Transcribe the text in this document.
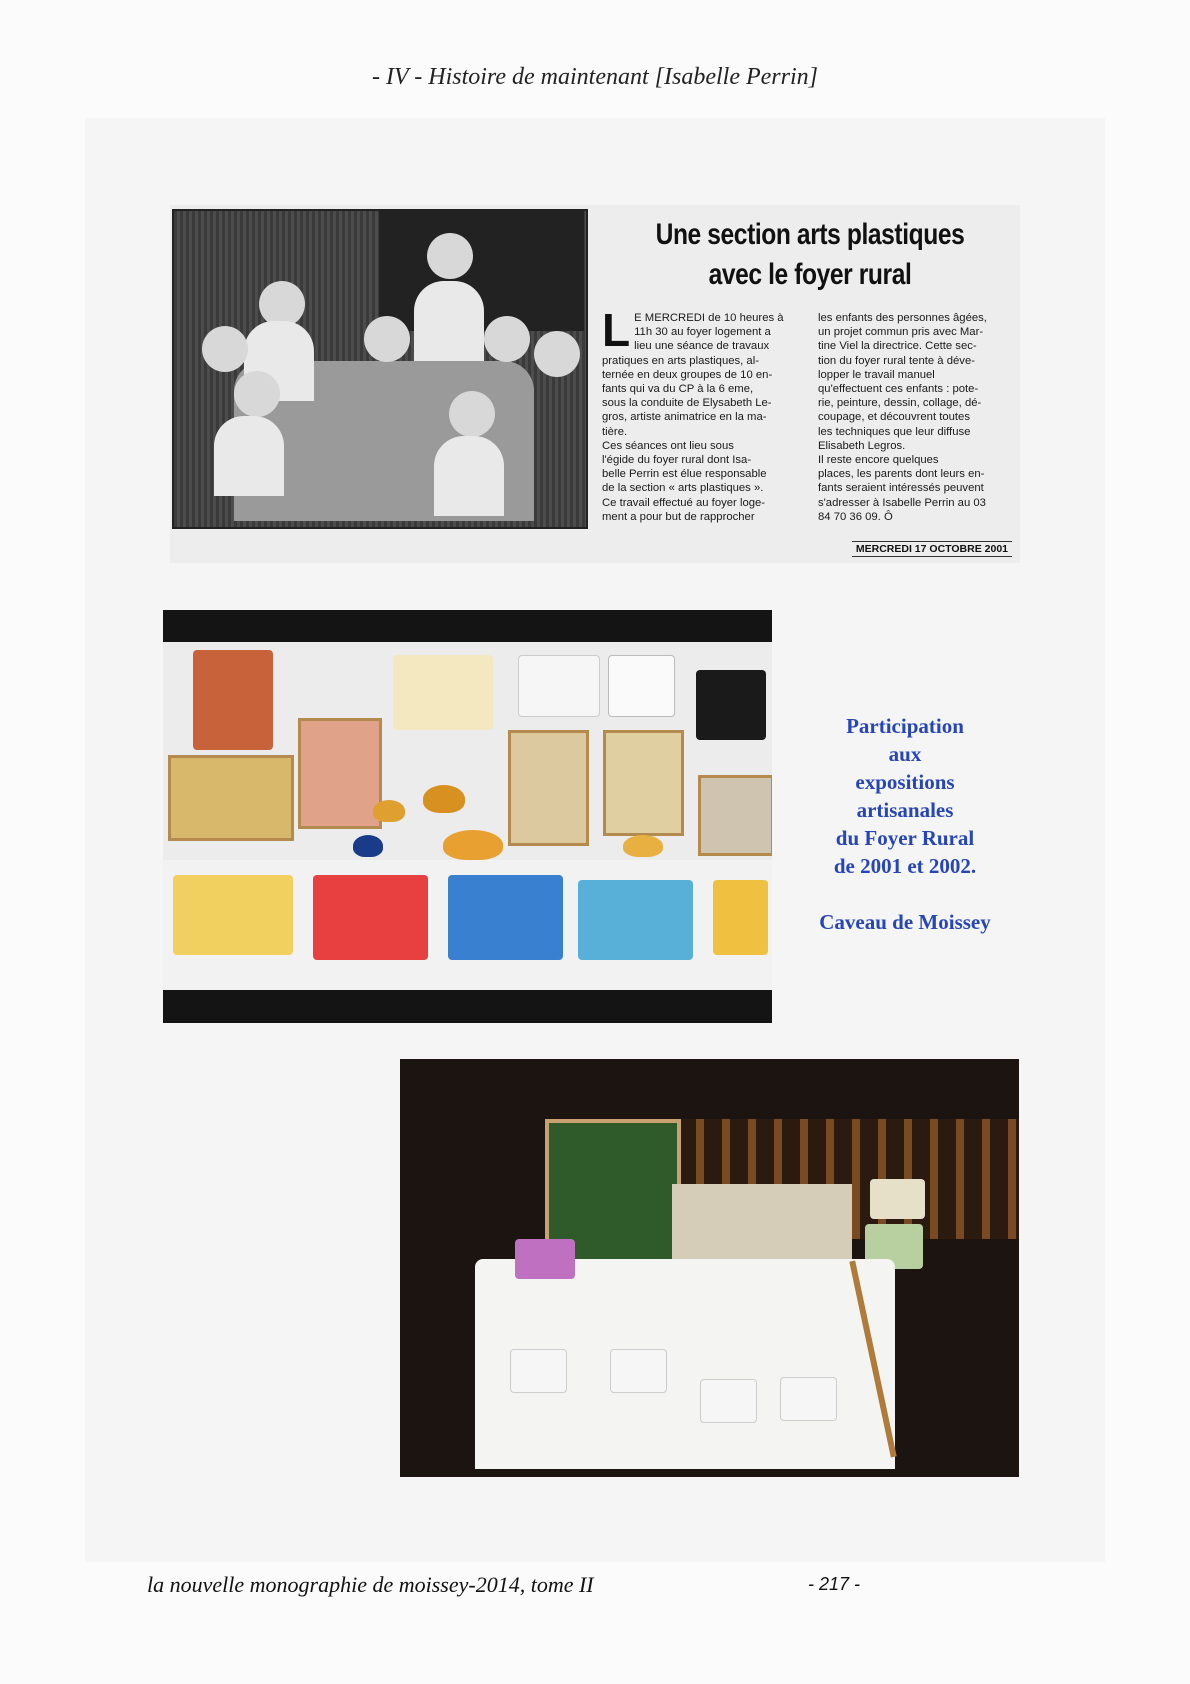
- IV - Histoire de maintenant [Isabelle Perrin]
Une section arts plastiques
avec le foyer rural
L E MERCREDI de 10 heures à
11h 30 au foyer logement a
lieu une séance de travaux
pratiques en arts plastiques, al-
ternée en deux groupes de 10 en-
fants qui va du CP à la 6 eme,
sous la conduite de Elysabeth Le-
gros, artiste animatrice en la ma-
tière.
Ces séances ont lieu sous
l'égide du foyer rural dont Isa-
belle Perrin est élue responsable
de la section « arts plastiques ».
Ce travail effectué au foyer loge-
ment a pour but de rapprocher

les enfants des personnes âgées,
un projet commun pris avec Mar-
tine Viel la directrice. Cette sec-
tion du foyer rural tente à déve-
lopper le travail manuel
qu'effectuent ces enfants : pote-
rie, peinture, dessin, collage, dé-
coupage, et découvrent toutes
les techniques que leur diffuse
Elisabeth Legros.
Il reste encore quelques
places, les parents dont leurs en-
fants seraient intéressés peuvent
s'adresser à Isabelle Perrin au 03
84 70 36 09. Ô

MERCREDI 17 OCTOBRE 2001
Participation
aux
expositions
artisanales
du Foyer Rural
de 2001 et 2002.
Caveau de Moissey
la nouvelle monographie de moissey-2014, tome II	- 217 -
